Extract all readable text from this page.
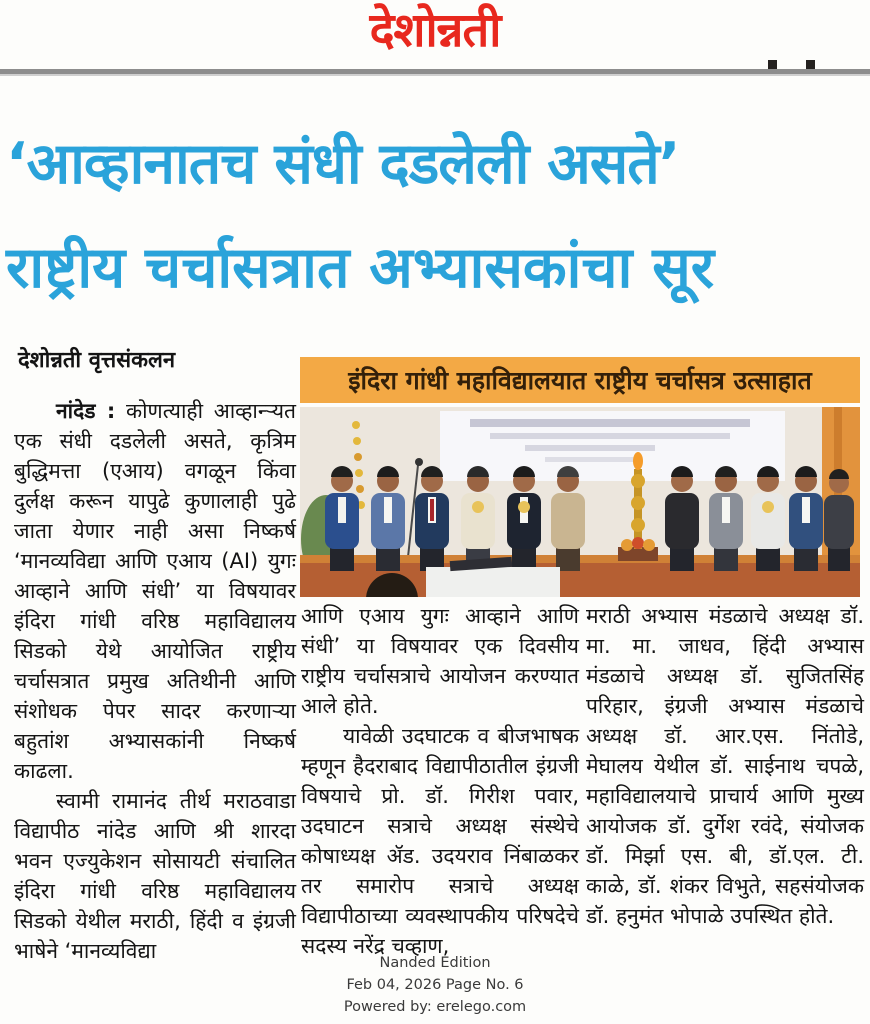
देशोन्नती
‘आव्हानातच संधी दडलेली असते’
राष्ट्रीय चर्चासत्रात अभ्यासकांचा सूर
देशोन्नती वृत्तसंकलन
इंदिरा गांधी महाविद्यालयात राष्ट्रीय चर्चासत्र उत्साहात

नांदेड : कोणत्याही आव्हान्ऱ्यत एक संधी दडलेली असते, कृत्रिम बुद्धिमत्ता (एआय) वगळून किंवा दुर्लक्ष करून यापुढे कुणालाही पुढे जाता येणार नाही असा निष्कर्ष ‘मानव्यविद्या आणि एआय (AI) युगः आव्हाने आणि संधी’ या विषयावर इंदिरा गांधी वरिष्ठ महाविद्यालय सिडको येथे आयोजित राष्ट्रीय चर्चासत्रात प्रमुख अतिथीनी आणि संशोधक पेपर सादर करणाऱ्या बहुतांश अभ्यासकांनी निष्कर्ष काढला.

स्वामी रामानंद तीर्थ मराठवाडा विद्यापीठ नांदेड आणि श्री शारदा भवन एज्युकेशन सोसायटी संचालित इंदिरा गांधी वरिष्ठ महाविद्यालय सिडको येथील मराठी, हिंदी व इंग्रजी भाषेने ‘मानव्यविद्या

आणि एआय युगः आव्हाने आणि संधी’ या विषयावर एक दिवसीय राष्ट्रीय चर्चासत्राचे आयोजन करण्यात आले होते.

यावेळी उदघाटक व बीजभाषक म्हणून हैदराबाद विद्यापीठातील इंग्रजी विषयाचे प्रो. डॉ. गिरीश पवार, उदघाटन सत्राचे अध्यक्ष संस्थेचे कोषाध्यक्ष ॲड. उदयराव निंबाळकर तर समारोप सत्राचे अध्यक्ष विद्यापीठाच्या व्यवस्थापकीय परिषदेचे सदस्य नरेंद्र चव्हाण,

मराठी अभ्यास मंडळाचे अध्यक्ष डॉ. मा. मा. जाधव, हिंदी अभ्यास मंडळाचे अध्यक्ष डॉ. सुजितसिंह परिहार, इंग्रजी अभ्यास मंडळाचे अध्यक्ष डॉ. आर.एस. निंतोडे, मेघालय येथील डॉ. साईनाथ चपळे, महाविद्यालयाचे प्राचार्य आणि मुख्य आयोजक डॉ. दुर्गेश रवंदे, संयोजक डॉ. मिर्झा एस. बी, डॉ.एल. टी. काळे, डॉ. शंकर विभुते, सहसंयोजक डॉ. हनुमंत भोपाळे उपस्थित होते.

Nanded Edition
Feb 04, 2026 Page No. 6
Powered by: erelego.com
